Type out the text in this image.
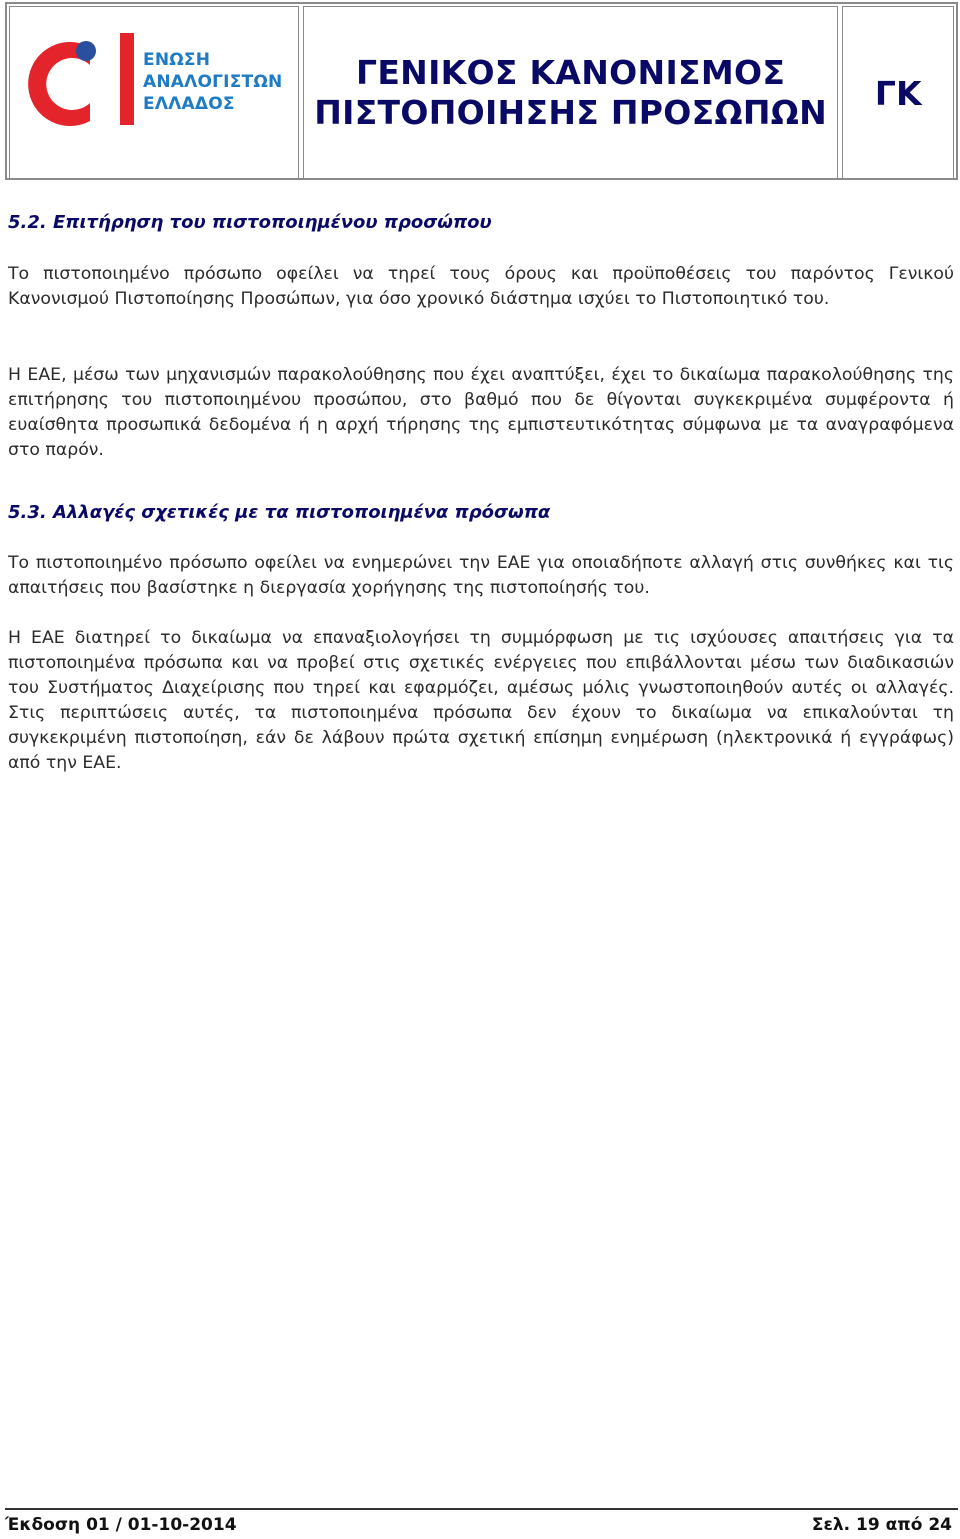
ΕΝΩΣΗ
ΑΝΑΛΟΓΙΣΤΩΝ
ΕΛΛΑΔΟΣ
ΓΕΝΙΚΟΣ ΚΑΝΟΝΙΣΜΟΣ
ΠΙΣΤΟΠΟΙΗΣΗΣ ΠΡΟΣΩΠΩΝ ΓΚ
5.2. Επιτήρηση του πιστοποιημένου προσώπου

Το πιστοποιημένο πρόσωπο οφείλει να τηρεί τους όρους και προϋποθέσεις του παρόντος Γενικού Κανονισμού Πιστοποίησης Προσώπων, για όσο χρονικό διάστημα ισχύει το Πιστοποιητικό του.

Η ΕΑΕ, μέσω των μηχανισμών παρακολούθησης που έχει αναπτύξει, έχει το δικαίωμα παρακολούθησης της επιτήρησης του πιστοποιημένου προσώπου, στο βαθμό που δε θίγονται συγκεκριμένα συμφέροντα ή ευαίσθητα προσωπικά δεδομένα ή η αρχή τήρησης της εμπιστευτικότητας σύμφωνα με τα αναγραφόμενα στο παρόν.

5.3. Αλλαγές σχετικές με τα πιστοποιημένα πρόσωπα

Το πιστοποιημένο πρόσωπο οφείλει να ενημερώνει την ΕΑΕ για οποιαδήποτε αλλαγή στις συνθήκες και τις απαιτήσεις που βασίστηκε η διεργασία χορήγησης της πιστοποίησής του.

Η ΕΑΕ διατηρεί το δικαίωμα να επαναξιολογήσει τη συμμόρφωση με τις ισχύουσες απαιτήσεις για τα πιστοποιημένα πρόσωπα και να προβεί στις σχετικές ενέργειες που επιβάλλονται μέσω των διαδικασιών του Συστήματος Διαχείρισης που τηρεί και εφαρμόζει, αμέσως μόλις γνωστοποιηθούν αυτές οι αλλαγές. Στις περιπτώσεις αυτές, τα πιστοποιημένα πρόσωπα δεν έχουν το δικαίωμα να επικαλούνται τη συγκεκριμένη πιστοποίηση, εάν δε λάβουν πρώτα σχετική επίσημη ενημέρωση (ηλεκτρονικά ή εγγράφως) από την ΕΑΕ.

Έκδοση 01 / 01-10-2014	Σελ. 19 από 24
